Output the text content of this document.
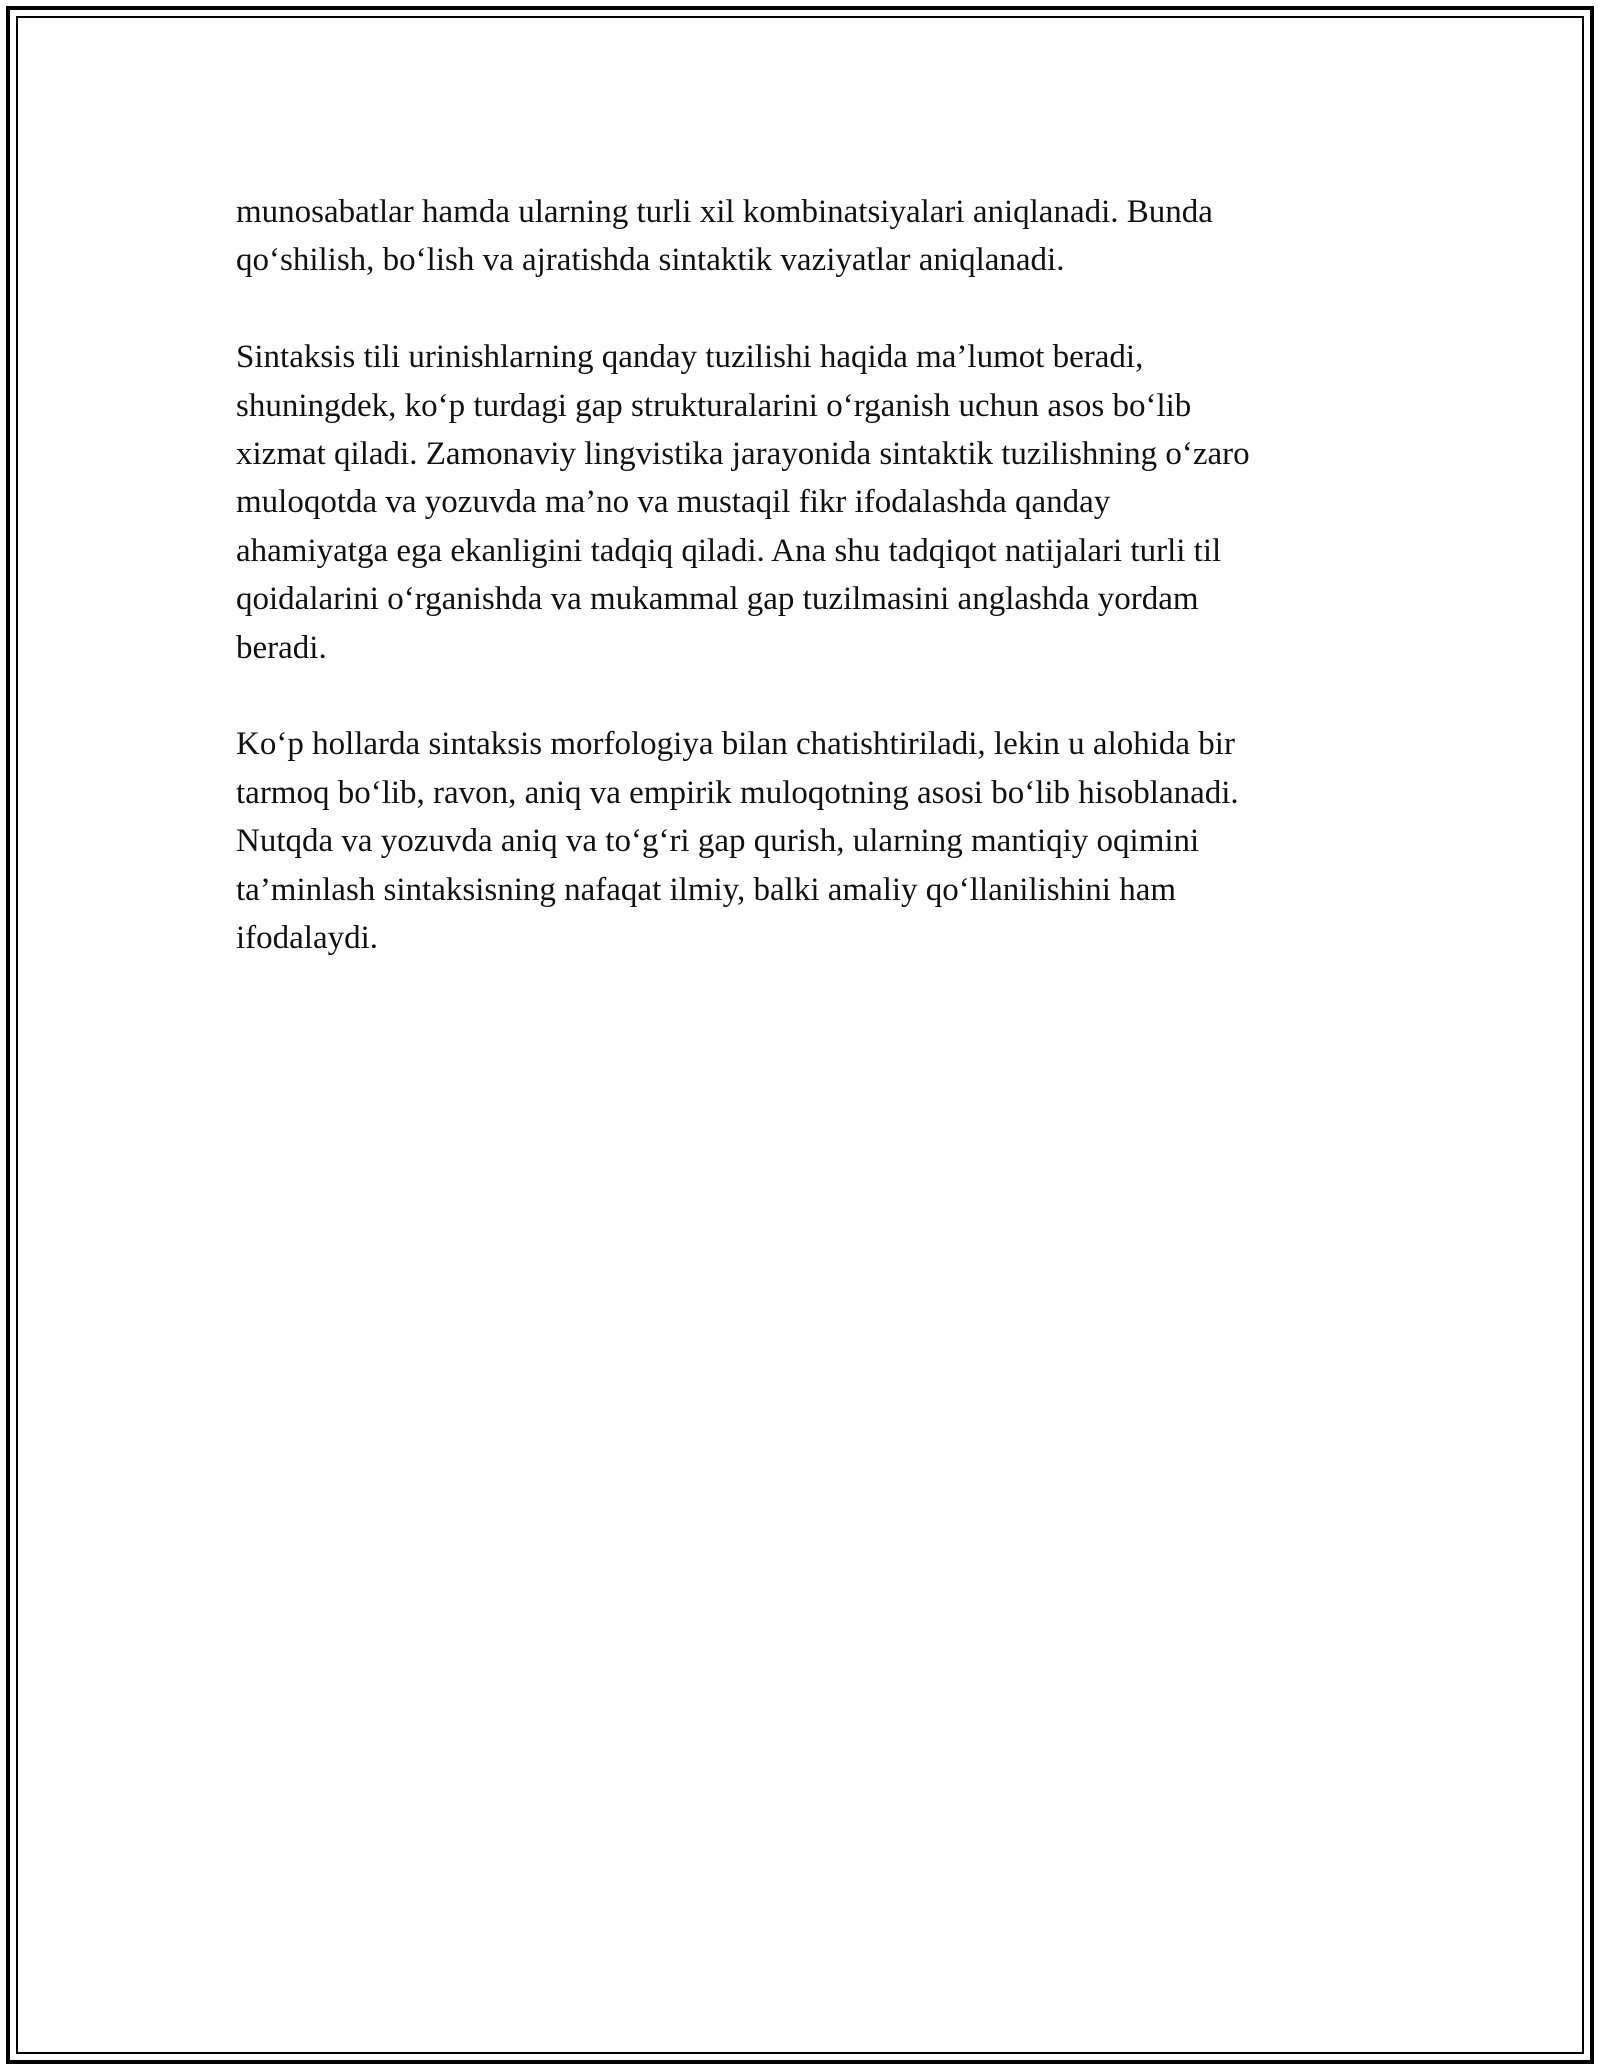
munosabatlar hamda ularning turli xil kombinatsiyalari aniqlanadi. Bunda
qo‘shilish, bo‘lish va ajratishda sintaktik vaziyatlar aniqlanadi.

Sintaksis tili urinishlarning qanday tuzilishi haqida ma’lumot beradi,
shuningdek, ko‘p turdagi gap strukturalarini o‘rganish uchun asos bo‘lib
xizmat qiladi. Zamonaviy lingvistika jarayonida sintaktik tuzilishning o‘zaro
muloqotda va yozuvda ma’no va mustaqil fikr ifodalashda qanday
ahamiyatga ega ekanligini tadqiq qiladi. Ana shu tadqiqot natijalari turli til
qoidalarini o‘rganishda va mukammal gap tuzilmasini anglashda yordam
beradi.

Ko‘p hollarda sintaksis morfologiya bilan chatishtiriladi, lekin u alohida bir
tarmoq bo‘lib, ravon, aniq va empirik muloqotning asosi bo‘lib hisoblanadi.
Nutqda va yozuvda aniq va to‘g‘ri gap qurish, ularning mantiqiy oqimini
ta’minlash sintaksisning nafaqat ilmiy, balki amaliy qo‘llanilishini ham
ifodalaydi.
